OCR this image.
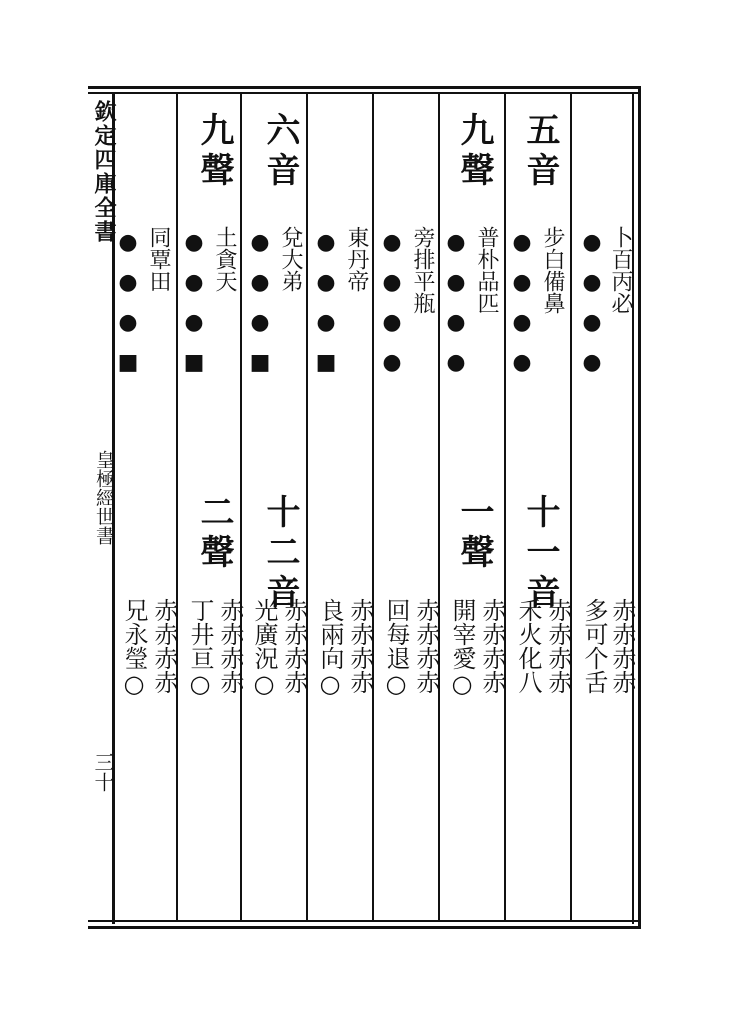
欽定四庫全書
皇極經世書
三十
●
●
●
●
卜百丙必
赤赤赤赤
多可个舌
五音
●
●
●
●
步白備鼻
十一音
赤赤赤赤
禾火化八
九聲
●
●
●
●
普朴品匹
一聲
赤赤赤赤
開宰愛○
●
●
●
●
旁排平瓶
赤赤赤赤
回每退○
●
●
●
■
東丹帝
赤赤赤赤
良兩向○
六音
●
●
●
■
兌大弟
十二音
赤赤赤赤
光廣況○
九聲
●
●
●
■
土貪天
二聲
赤赤赤赤
丁井亘○
●
●
●
■
同覃田
赤赤赤赤
兄永瑩○
